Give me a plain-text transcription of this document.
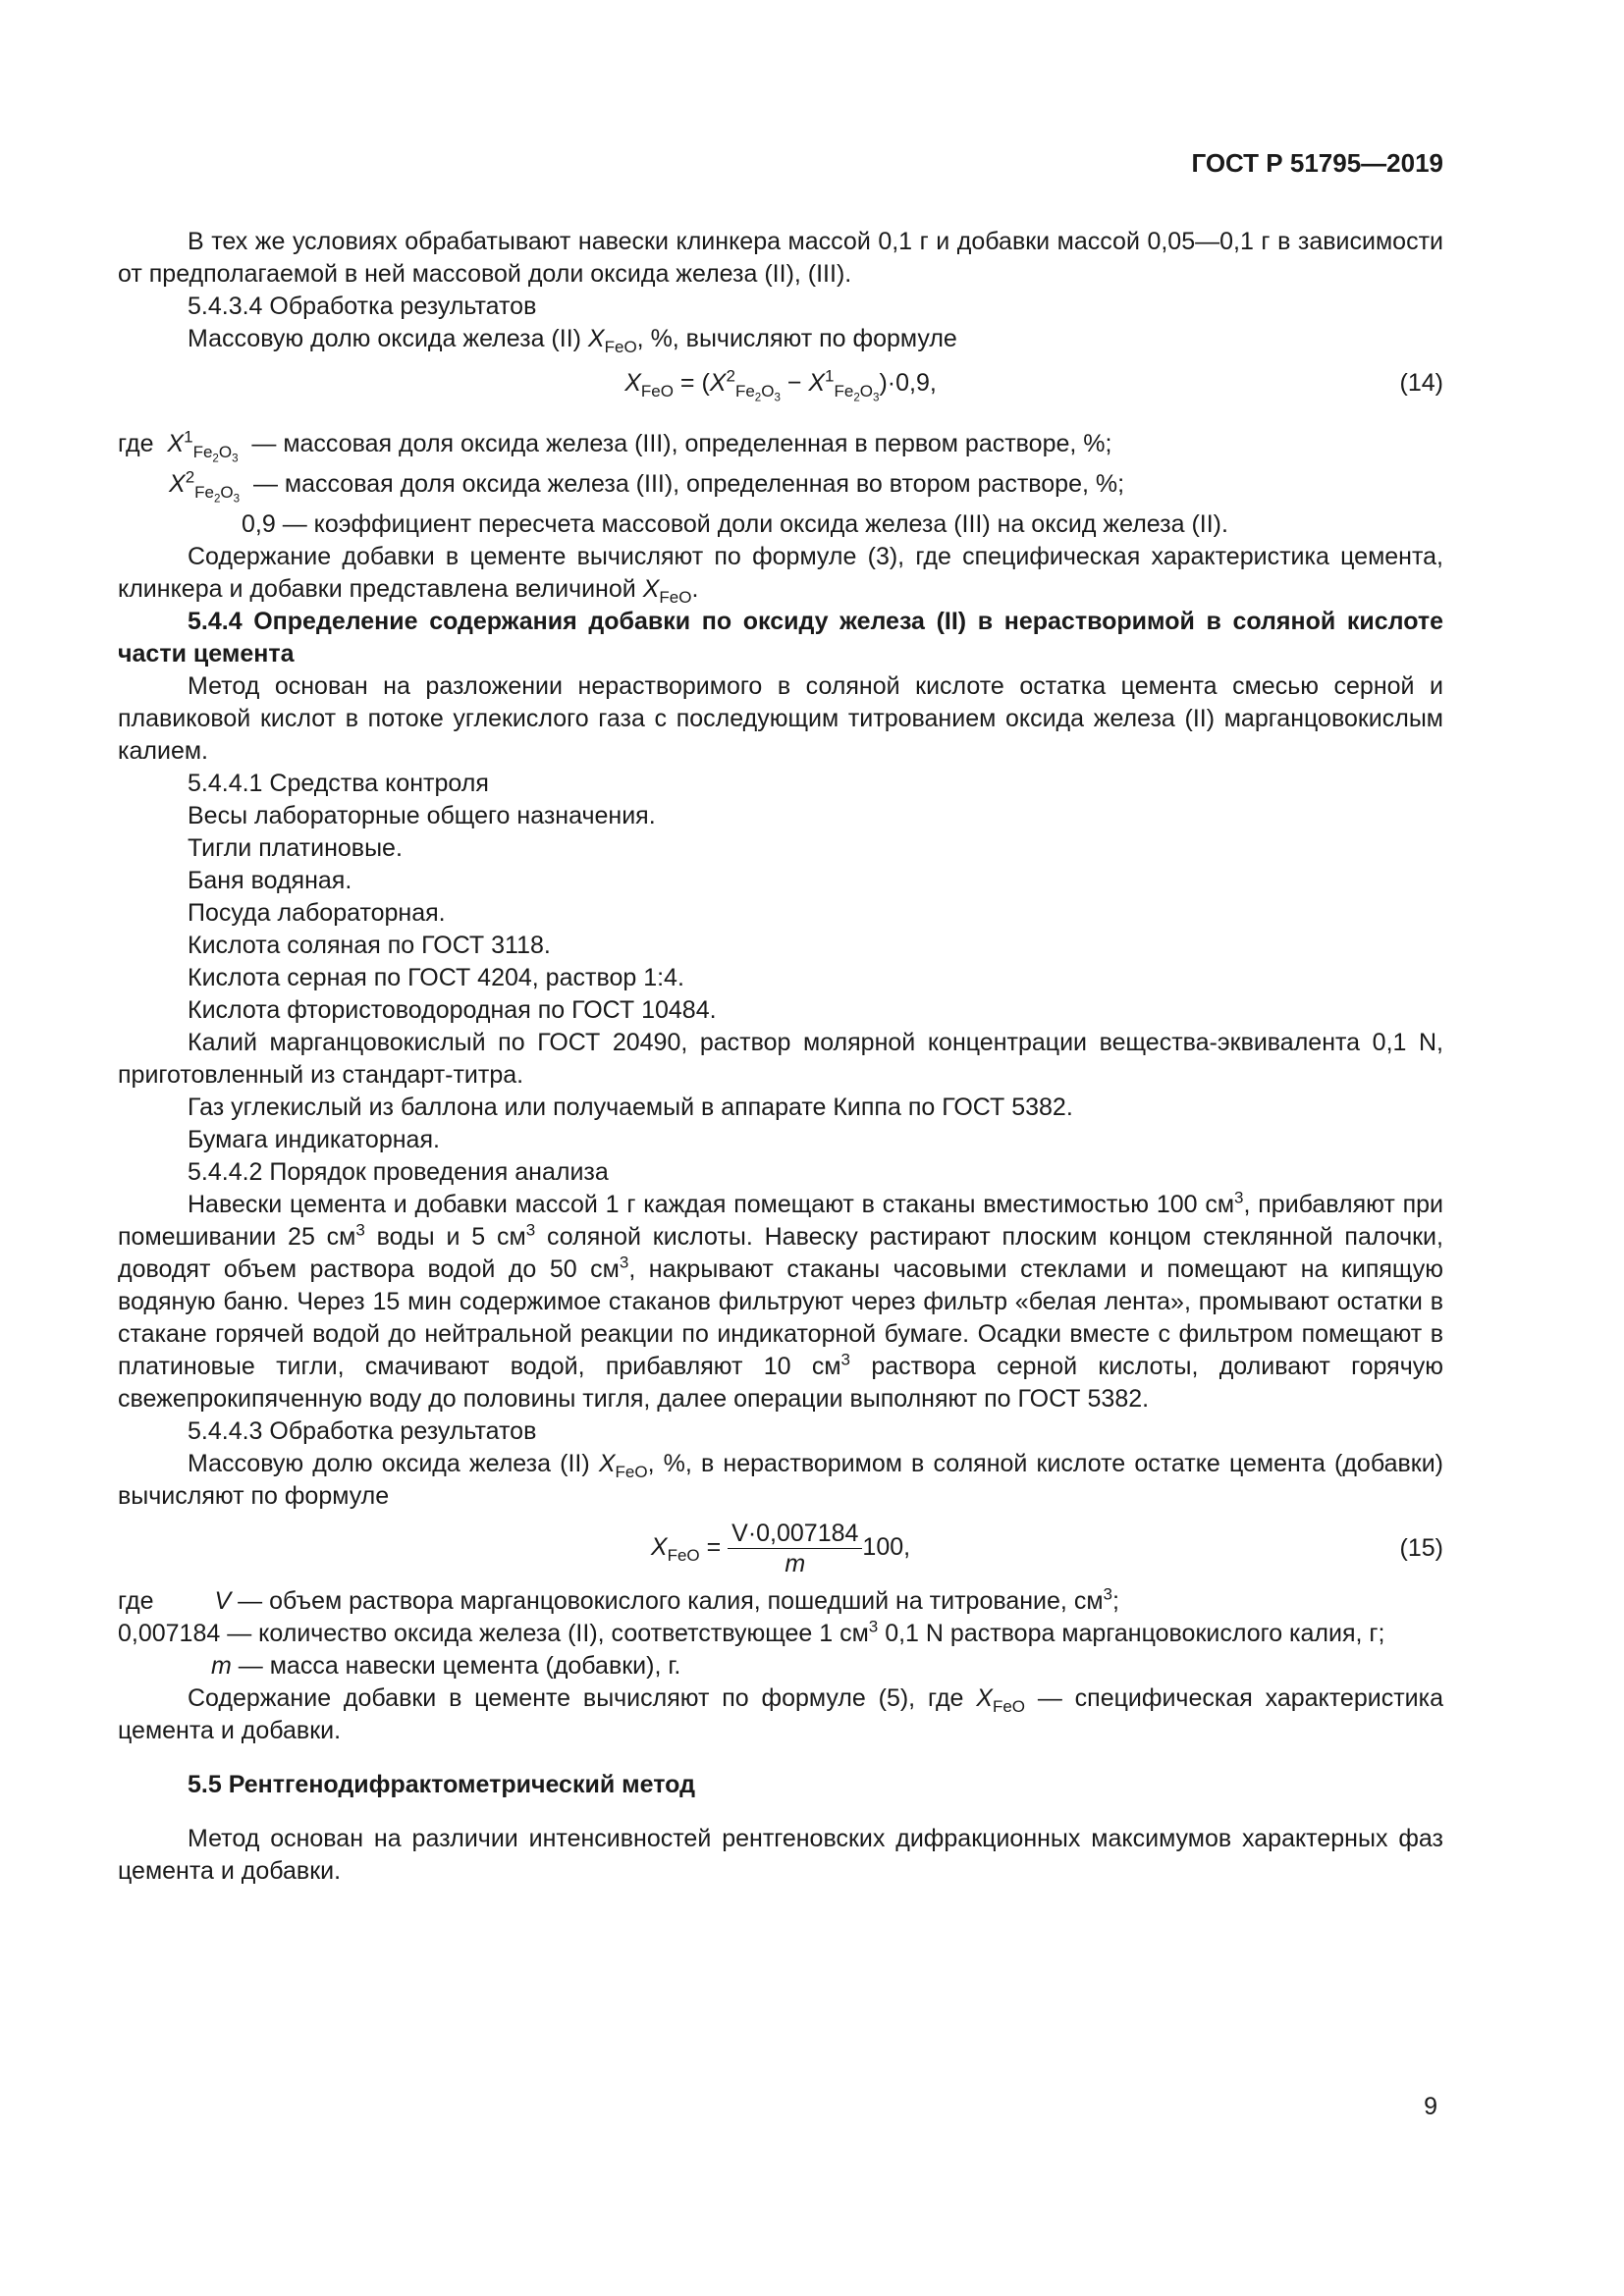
ГОСТ Р 51795—2019

В тех же условиях обрабатывают навески клинкера массой 0,1 г и добавки массой 0,05—0,1 г в зависимости от предполагаемой в ней массовой доли оксида железа (II), (III).

5.4.3.4 Обработка результатов

Массовую долю оксида железа (II) $X_{FeO}$, %, вычисляют по формуле

$X_{FeO} = (X^2_{Fe_2O_3} - X^1_{Fe_2O_3})\cdot 0,9$,	(14)

где $X^1_{Fe_2O_3}$  — массовая доля оксида железа (III), определенная в первом растворе, %;

$X^2_{Fe_2O_3}$  — массовая доля оксида железа (III), определенная во втором растворе, %;

0,9 — коэффициент пересчета массовой доли оксида железа (III) на оксид железа (II).

Содержание добавки в цементе вычисляют по формуле (3), где специфическая характеристика цемента, клинкера и добавки представлена величиной $X_{FeO}$.

5.4.4 Определение содержания добавки по оксиду железа (II) в нерастворимой в соляной кислоте части цемента

Метод основан на разложении нерастворимого в соляной кислоте остатка цемента смесью серной и плавиковой кислот в потоке углекислого газа с последующим титрованием оксида железа (II) марганцовокислым калием.

5.4.4.1 Средства контроля

Весы лабораторные общего назначения.

Тигли платиновые.

Баня водяная.

Посуда лабораторная.

Кислота соляная по ГОСТ 3118.

Кислота серная по ГОСТ 4204, раствор 1:4.

Кислота фтористоводородная по ГОСТ 10484.

Калий марганцовокислый по ГОСТ 20490, раствор молярной концентрации вещества-эквивалента 0,1 N, приготовленный из стандарт-титра.

Газ углекислый из баллона или получаемый в аппарате Киппа по ГОСТ 5382.

Бумага индикаторная.

5.4.4.2 Порядок проведения анализа

Навески цемента и добавки массой 1 г каждая помещают в стаканы вместимостью 100 $см^3$, прибавляют при помешивании 25 $см^3$ воды и 5 $см^3$ соляной кислоты. Навеску растирают плоским концом стеклянной палочки, доводят объем раствора водой до 50 $см^3$, накрывают стаканы часовыми стеклами и помещают на кипящую водяную баню. Через 15 мин содержимое стаканов фильтруют через фильтр «белая лента», промывают остатки в стакане горячей водой до нейтральной реакции по индикаторной бумаге. Осадки вместе с фильтром помещают в платиновые тигли, смачивают водой, прибавляют 10 $см^3$ раствора серной кислоты, доливают горячую свежепрокипяченную воду до половины тигля, далее операции выполняют по ГОСТ 5382.

5.4.4.3 Обработка результатов

Массовую долю оксида железа (II) $X_{FeO}$, %, в нерастворимом в соляной кислоте остатке цемента (добавки) вычисляют по формуле

$X_{FeO} = \frac{V\cdot 0,007184}{m} 100$,	(15)

где V — объем раствора марганцовокислого калия, пошедший на титрование, $см^3$;

0,007184 — количество оксида железа (II), соответствующее 1 $см^3$ 0,1 N раствора марганцовокислого калия, г;

m — масса навески цемента (добавки), г.

Содержание добавки в цементе вычисляют по формуле (5), где $X_{FeO}$ — специфическая характеристика цемента и добавки.

5.5 Рентгенодифрактометрический метод

Метод основан на различии интенсивностей рентгеновских дифракционных максимумов характерных фаз цемента и добавки.

9
